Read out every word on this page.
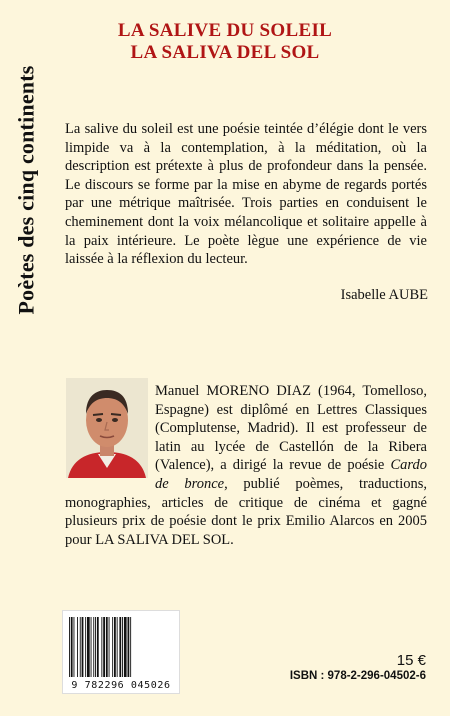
Poètes des cinq continents
LA SALIVE DU SOLEIL
LA SALIVA DEL SOL

La salive du soleil est une poésie teintée d’élégie dont le vers limpide va à la contemplation, à la méditation, où la description est prétexte à plus de profondeur dans la pensée. Le discours se forme par la mise en abyme de regards portés par une métrique maîtrisée. Trois parties en conduisent le cheminement dont la voix mélancolique et solitaire appelle à la paix intérieure. Le poète lègue une expérience de vie laissée à la réflexion du lecteur.

Isabelle AUBE
Manuel MORENO DIAZ (1964, Tomelloso, Espagne) est diplômé en Lettres Classiques (Complutense, Madrid). Il est professeur de latin au lycée de Castellón de la Ribera (Valence), a dirigé la revue de poésie Cardo de bronce, publié poèmes, traductions, monographies, articles de critique de cinéma et gagné plusieurs prix de poésie dont le prix Emilio Alarcos en 2005 pour LA SALIVA DEL SOL.
9 782296 045026
15 €
ISBN : 978-2-296-04502-6
